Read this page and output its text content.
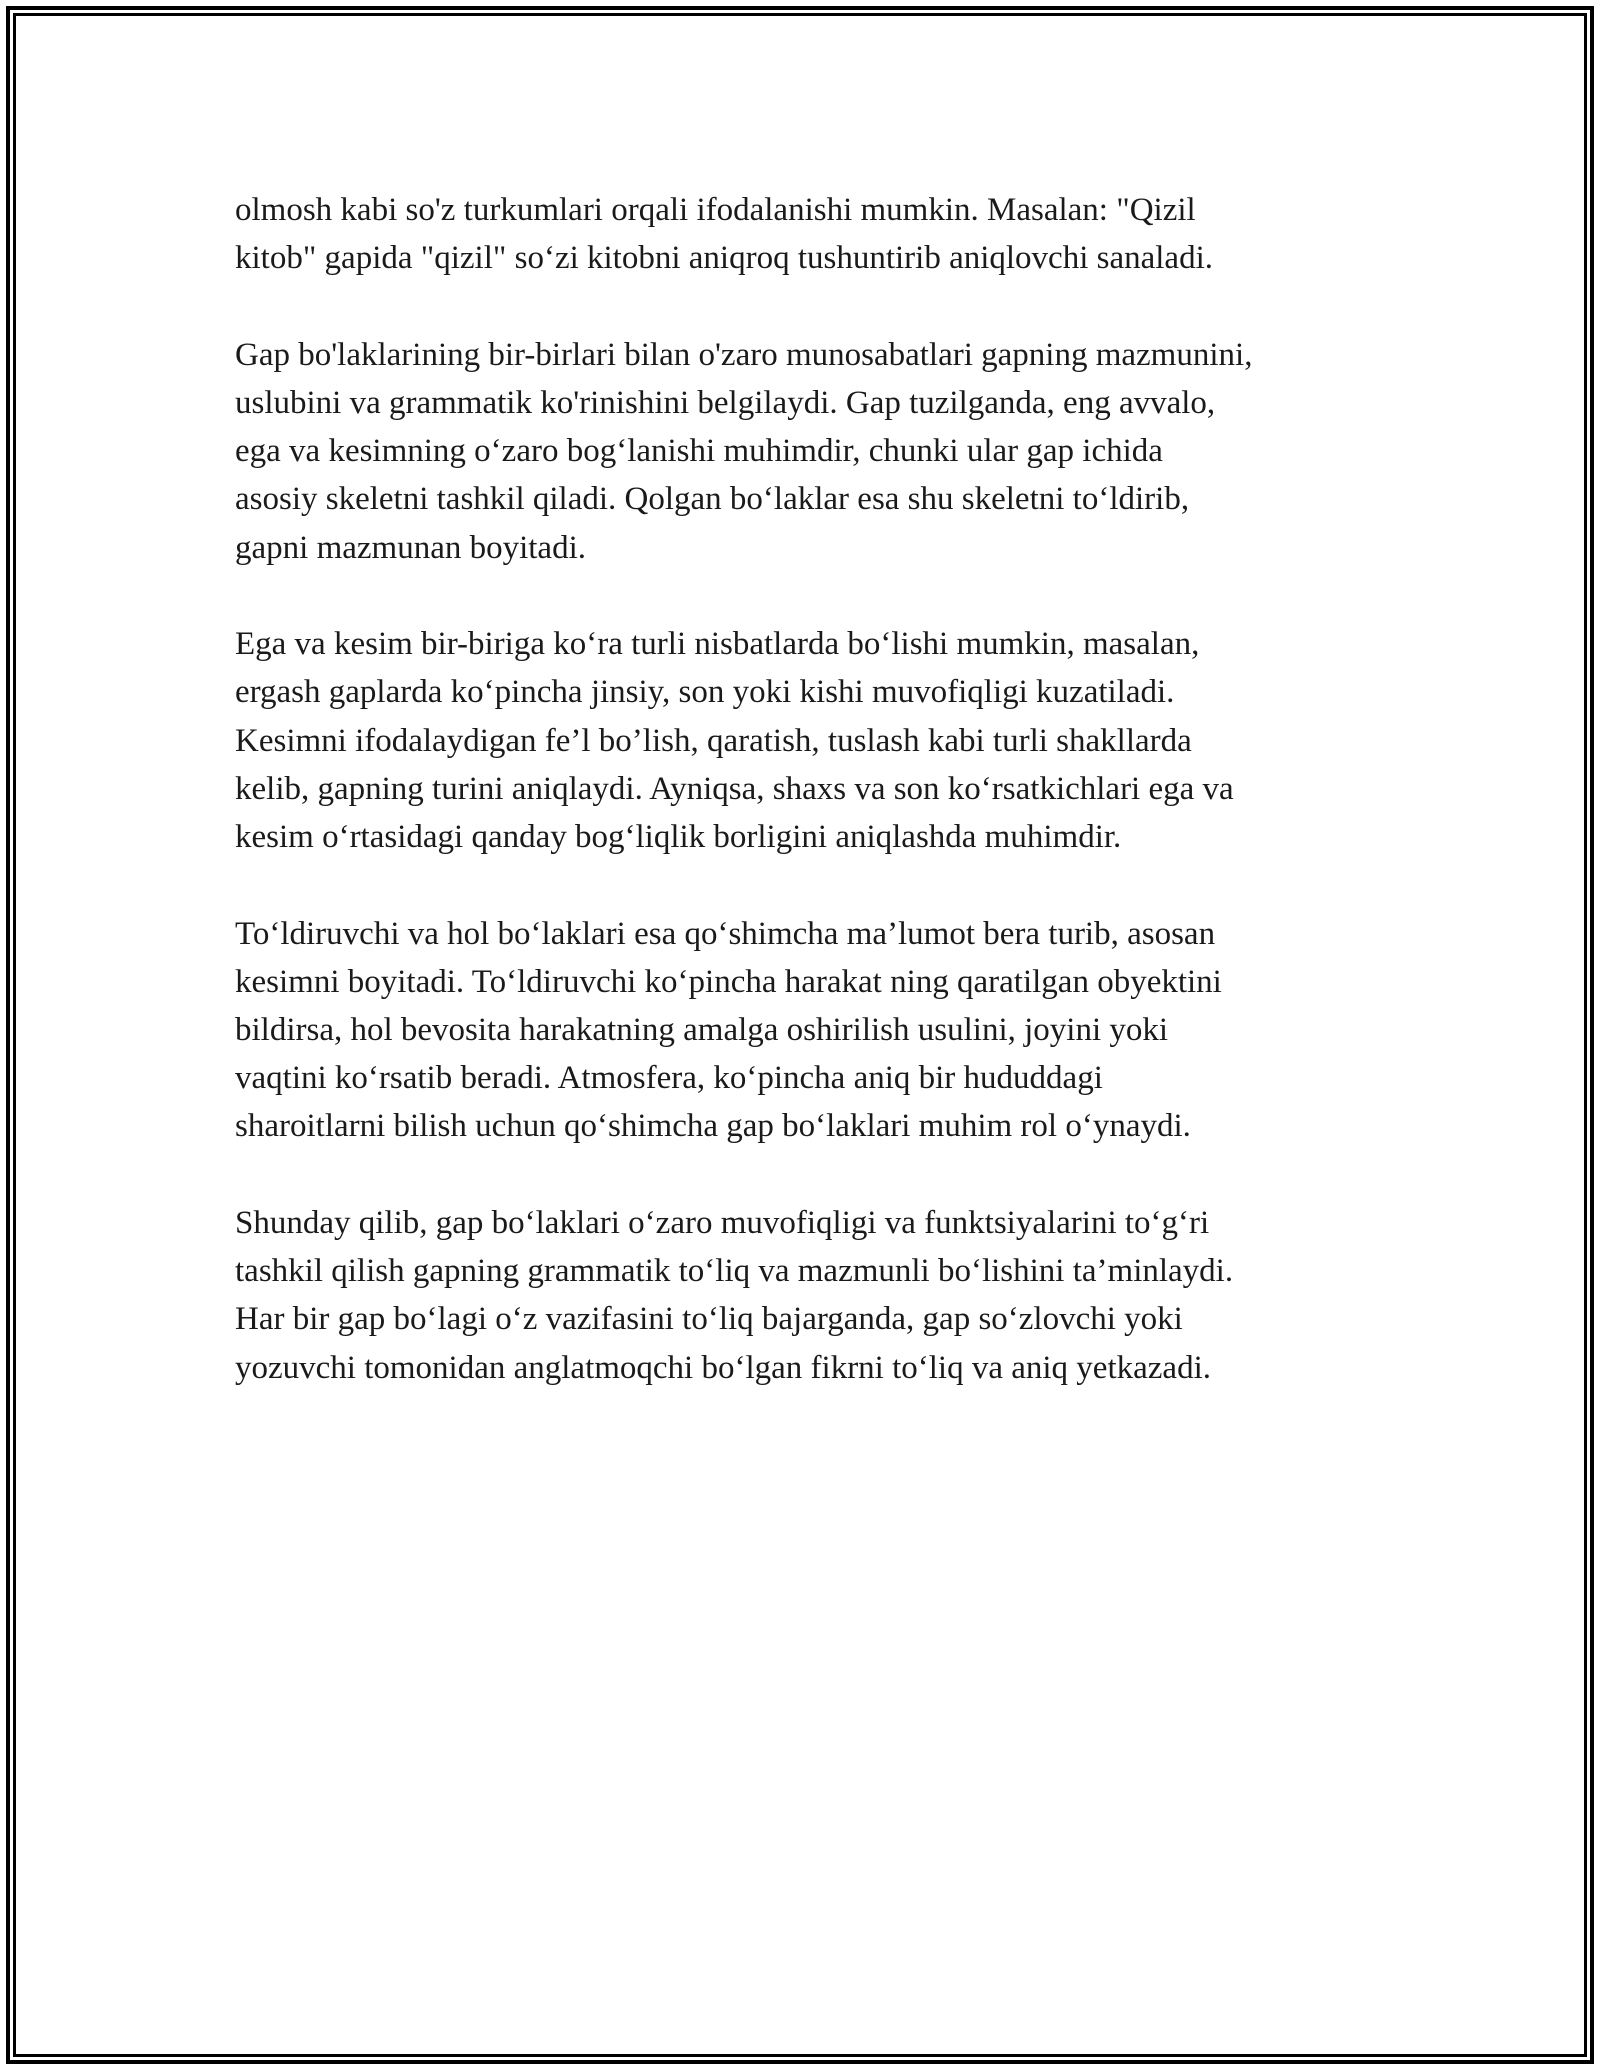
olmosh kabi so'z turkumlari orqali ifodalanishi mumkin. Masalan: "Qizil
kitob" gapida "qizil" so‘zi kitobni aniqroq tushuntirib aniqlovchi sanaladi.

Gap bo'laklarining bir-birlari bilan o'zaro munosabatlari gapning mazmunini,
uslubini va grammatik ko'rinishini belgilaydi. Gap tuzilganda, eng avvalo,
ega va kesimning o‘zaro bog‘lanishi muhimdir, chunki ular gap ichida
asosiy skeletni tashkil qiladi. Qolgan bo‘laklar esa shu skeletni to‘ldirib,
gapni mazmunan boyitadi.

Ega va kesim bir-biriga ko‘ra turli nisbatlarda bo‘lishi mumkin, masalan,
ergash gaplarda ko‘pincha jinsiy, son yoki kishi muvofiqligi kuzatiladi.
Kesimni ifodalaydigan fe’l bo’lish, qaratish, tuslash kabi turli shakllarda
kelib, gapning turini aniqlaydi. Ayniqsa, shaxs va son ko‘rsatkichlari ega va
kesim o‘rtasidagi qanday bog‘liqlik borligini aniqlashda muhimdir.

To‘ldiruvchi va hol bo‘laklari esa qo‘shimcha ma’lumot bera turib, asosan
kesimni boyitadi. To‘ldiruvchi ko‘pincha harakat ning qaratilgan obyektini
bildirsa, hol bevosita harakatning amalga oshirilish usulini, joyini yoki
vaqtini ko‘rsatib beradi. Atmosfera, ko‘pincha aniq bir hududdagi
sharoitlarni bilish uchun qo‘shimcha gap bo‘laklari muhim rol o‘ynaydi.

Shunday qilib, gap bo‘laklari o‘zaro muvofiqligi va funktsiyalarini to‘g‘ri
tashkil qilish gapning grammatik to‘liq va mazmunli bo‘lishini ta’minlaydi.
Har bir gap bo‘lagi o‘z vazifasini to‘liq bajarganda, gap so‘zlovchi yoki
yozuvchi tomonidan anglatmoqchi bo‘lgan fikrni to‘liq va aniq yetkazadi.
